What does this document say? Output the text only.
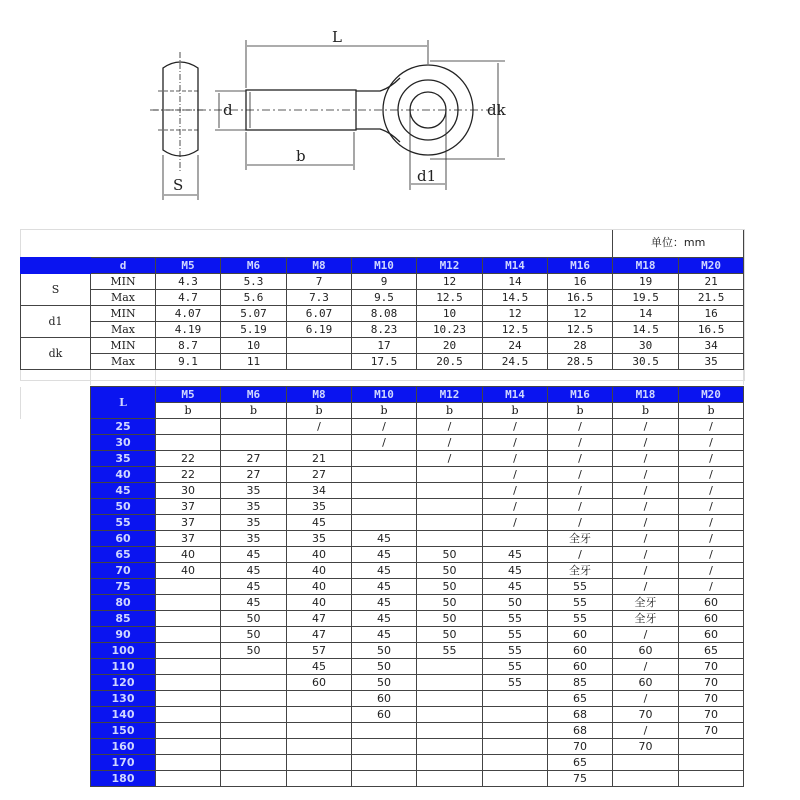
L
d	dk
b
S	d1
									单位：mm	
	d	M5	M6	M8	M10	M12	M14	M16	M18	M20
S	MIN	4.3	5.3	7	9	12	14	16	19	21
	Max	4.7	5.6	7.3	9.5	12.5	14.5	16.5	19.5	21.5
d1	MIN	4.07	5.07	6.07	8.08	10	12	12	14	16
	Max	4.19	5.19	6.19	8.23	10.23	12.5	12.5	14.5	16.5
dk	MIN	8.7	10		17	20	24	28	30	34
	Max	9.1	11		17.5	20.5	24.5	28.5	30.5	35

	L	M5	M6	M8	M10	M12	M14	M16	M18	M20
		b	b	b	b	b	b	b	b	b
	25			/	/	/	/	/	/	/
	30				/	/	/	/	/	/
	35	22	27	21		/	/	/	/	/
	40	22	27	27			/	/	/	/
	45	30	35	34			/	/	/	/
	50	37	35	35			/	/	/	/
	55	37	35	45			/	/	/	/
	60	37	35	35	45			全牙	/	/
	65	40	45	40	45	50	45	/	/	/
	70	40	45	40	45	50	45	全牙	/	/
	75		45	40	45	50	45	55	/	/
	80		45	40	45	50	50	55	全牙	60
	85		50	47	45	50	55	55	全牙	60
	90		50	47	45	50	55	60	/	60
	100		50	57	50	55	55	60	60	65
	110			45	50		55	60	/	70
	120			60	50		55	85	60	70
	130				60			65	/	70
	140				60			68	70	70
	150							68	/	70
	160							70	70	
	170							65		
	180							75		
